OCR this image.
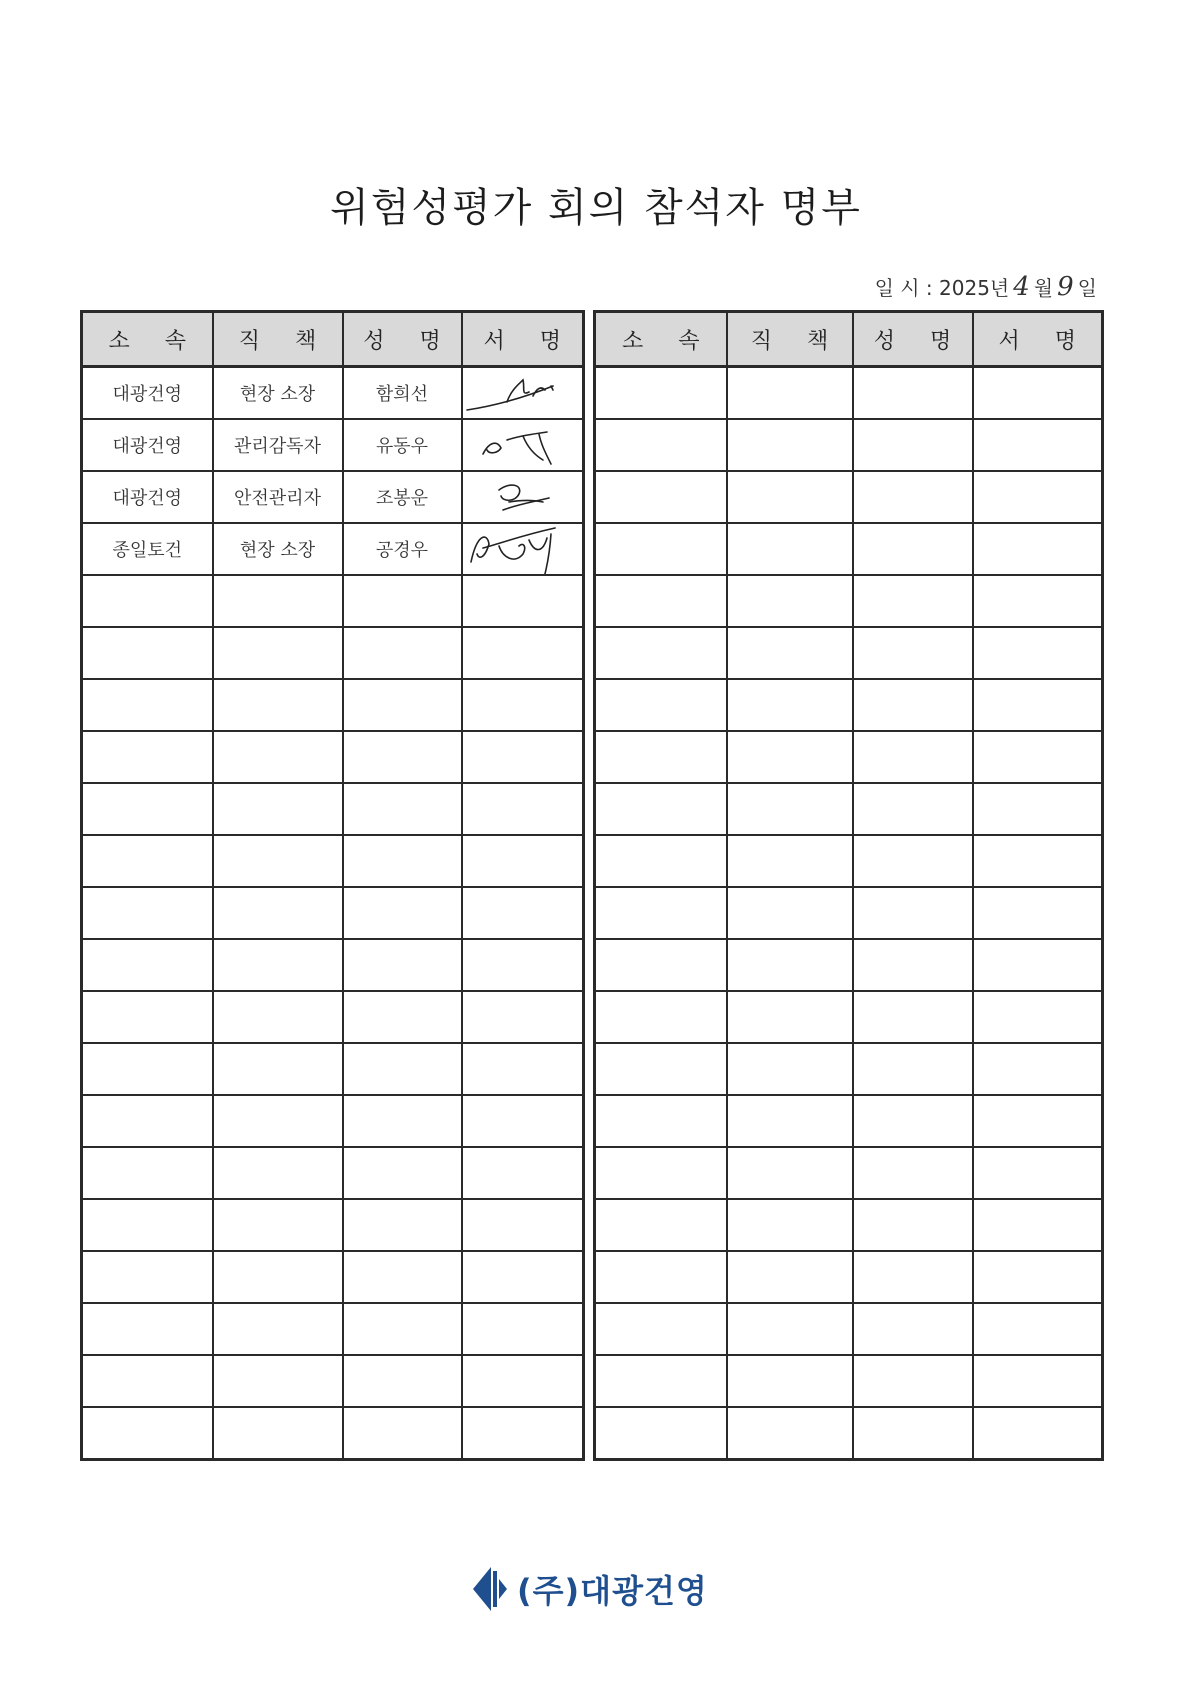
위험성평가 회의 참석자 명부
일 시 : 2025년 4 월 9 일
소 속	직 책	성 명	서 명
대광건영	현장 소장	함희선	

대광건영	관리감독자	유동우	

대광건영	안전관리자	조봉운	

종일토건	현장 소장	공경우	

소 속	직 책	성 명	서 명

(주)대광건영
